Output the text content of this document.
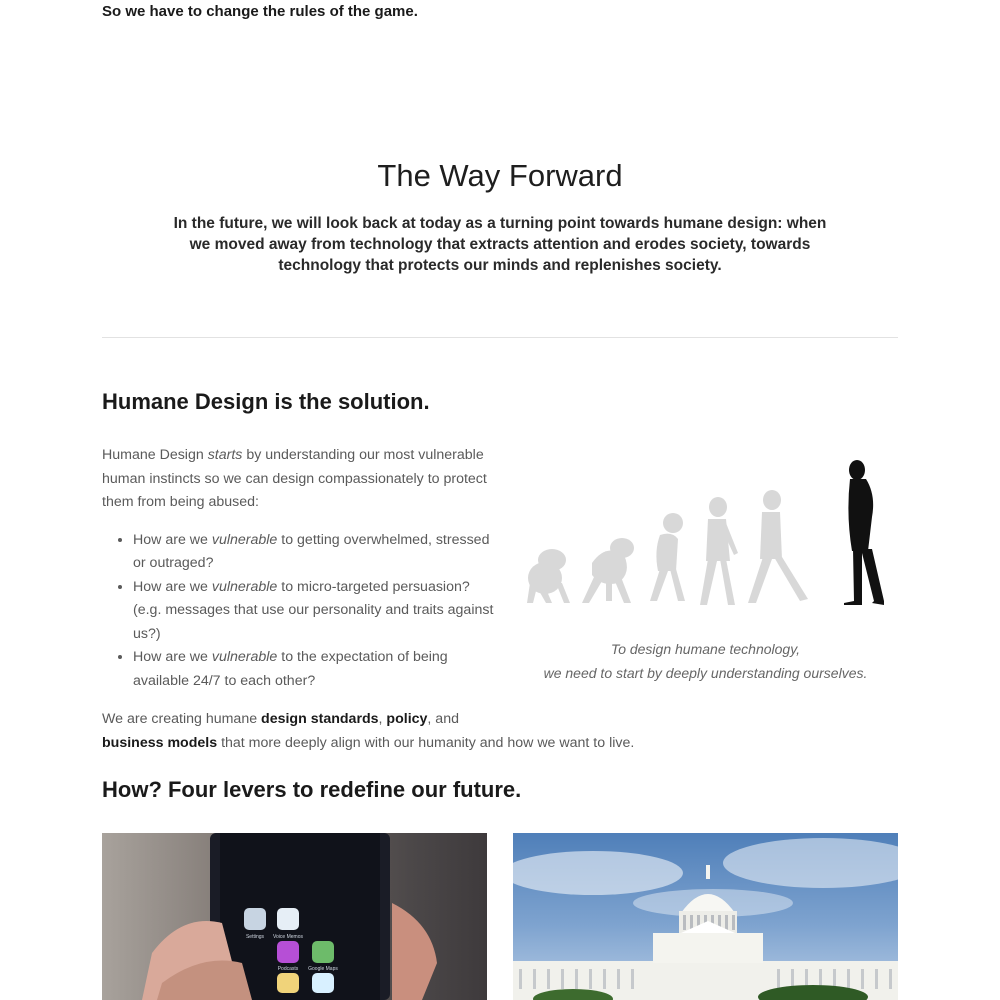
So we have to change the rules of the game.
The Way Forward

In the future, we will look back at today as a turning point towards humane design: when we moved away from technology that extracts attention and erodes society, towards technology that protects our minds and replenishes society.

Humane Design is the solution.

Humane Design starts by understanding our most vulnerable human instincts so we can design compassionately to protect them from being abused:

• How are we vulnerable to getting overwhelmed, stressed or outraged?
• How are we vulnerable to micro-targeted persuasion? (e.g. messages that use our personality and traits against us?)
• How are we vulnerable to the expectation of being available 24/7 to each other?

We are creating humane design standards, policy, and
business models that more deeply align with our humanity and how we want to live.

To design humane technology,
we need to start by deeply understanding ourselves.
How? Four levers to redefine our future.
Settings Voice Memos
Podcasts Google Maps
